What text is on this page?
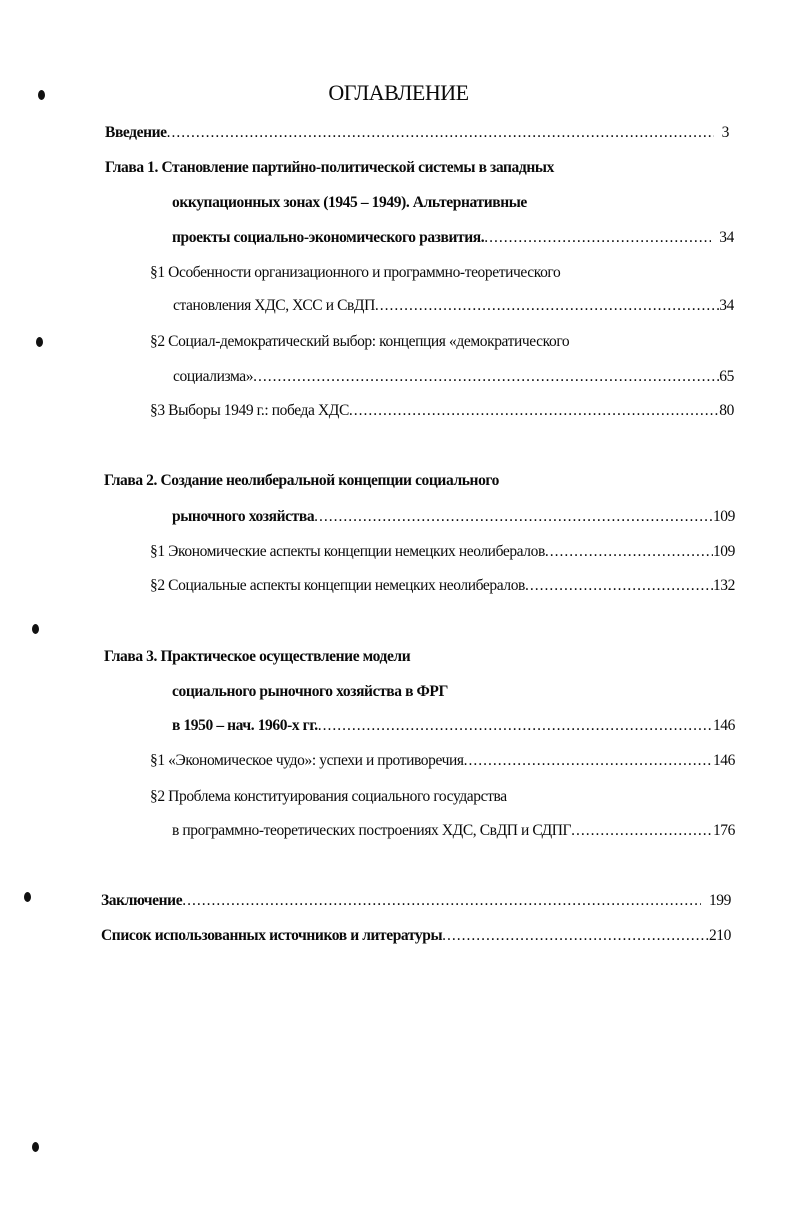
ОГЛАВЛЕНИЕ
Введение .....	3
Глава 1. Становление партийно-политической системы в западных
оккупационных зонах (1945 – 1949). Альтернативные
проекты социально-экономического развития. .....	34
§1 Особенности организационного и программно-теоретического
становления ХДС, ХСС и СвДП .....	34
§2 Социал-демократический выбор: концепция «демократического
социализма» .....	65
§3 Выборы 1949 г.: победа ХДС .....	80
Глава 2. Создание неолиберальной концепции социального
рыночного хозяйства .....	109
§1 Экономические аспекты концепции немецких неолибералов .....	109
§2 Социальные аспекты концепции немецких неолибералов .....	132
Глава 3. Практическое осуществление модели
социального рыночного хозяйства в ФРГ
в 1950 – нач. 1960-х гг. .....	146
§1 «Экономическое чудо»: успехи и противоречия .....	146
§2 Проблема конституирования социального государства
в программно-теоретических построениях ХДС, СвДП и СДПГ .....	176
Заключение .....	199
Список использованных источников и литературы .....	210
